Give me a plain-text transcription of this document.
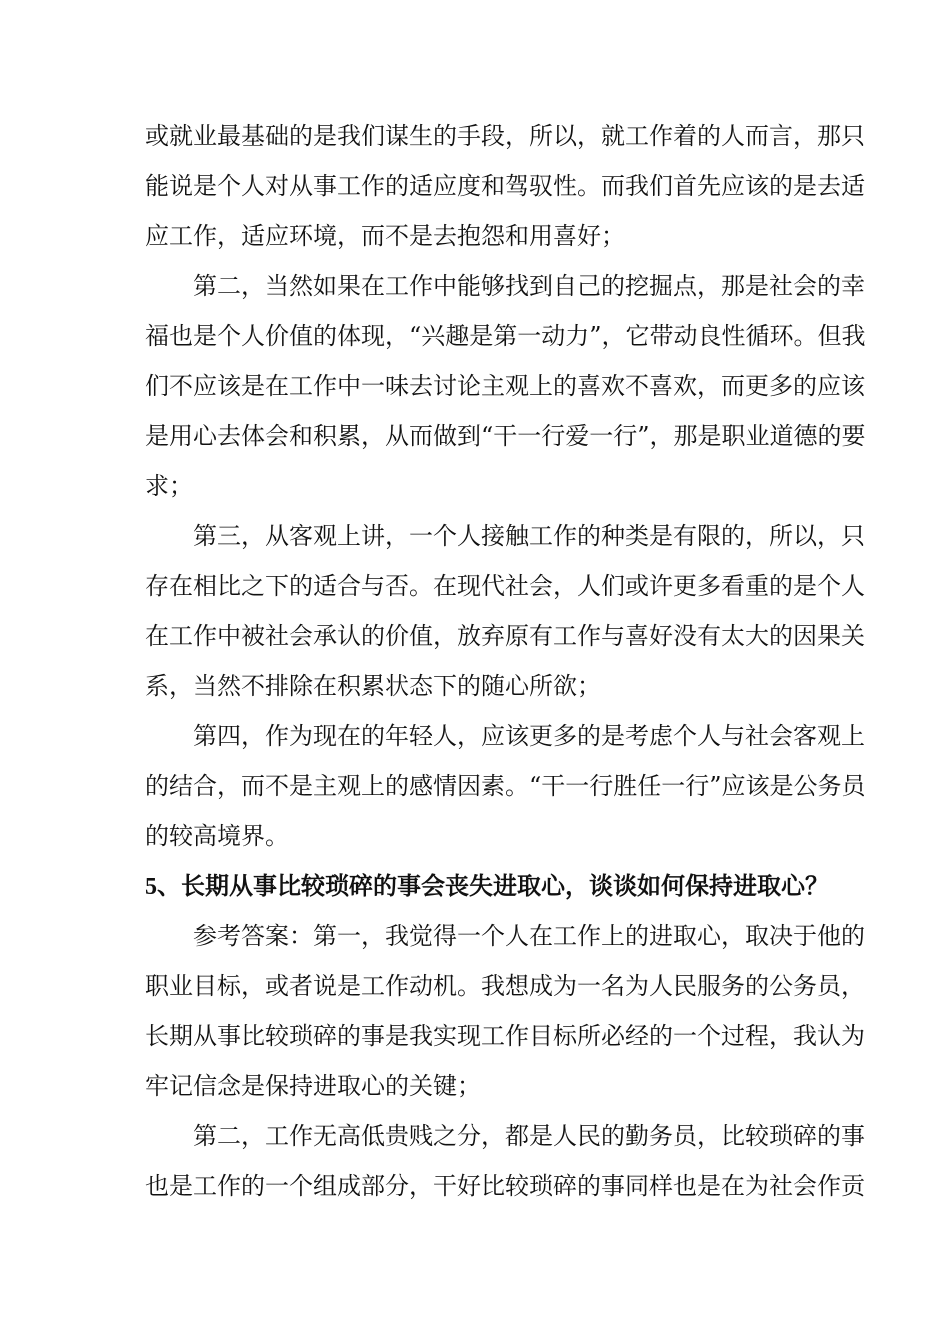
或就业最基础的是我们谋生的手段，所以，就工作着的人而言，那只
能说是个人对从事工作的适应度和驾驭性。而我们首先应该的是去适
应工作，适应环境，而不是去抱怨和用喜好；
第二，当然如果在工作中能够找到自己的挖掘点，那是社会的幸
福也是个人价值的体现，“兴趣是第一动力”，它带动良性循环。但我
们不应该是在工作中一味去讨论主观上的喜欢不喜欢，而更多的应该
是用心去体会和积累，从而做到“干一行爱一行”，那是职业道德的要
求；
第三，从客观上讲，一个人接触工作的种类是有限的，所以，只
存在相比之下的适合与否。在现代社会，人们或许更多看重的是个人
在工作中被社会承认的价值，放弃原有工作与喜好没有太大的因果关
系，当然不排除在积累状态下的随心所欲；
第四，作为现在的年轻人，应该更多的是考虑个人与社会客观上
的结合，而不是主观上的感情因素。“干一行胜任一行”应该是公务员
的较高境界。
5、长期从事比较琐碎的事会丧失进取心，谈谈如何保持进取心？
参考答案：第一，我觉得一个人在工作上的进取心，取决于他的
职业目标，或者说是工作动机。我想成为一名为人民服务的公务员，
长期从事比较琐碎的事是我实现工作目标所必经的一个过程，我认为
牢记信念是保持进取心的关键；
第二，工作无高低贵贱之分，都是人民的勤务员，比较琐碎的事
也是工作的一个组成部分，干好比较琐碎的事同样也是在为社会作贡
